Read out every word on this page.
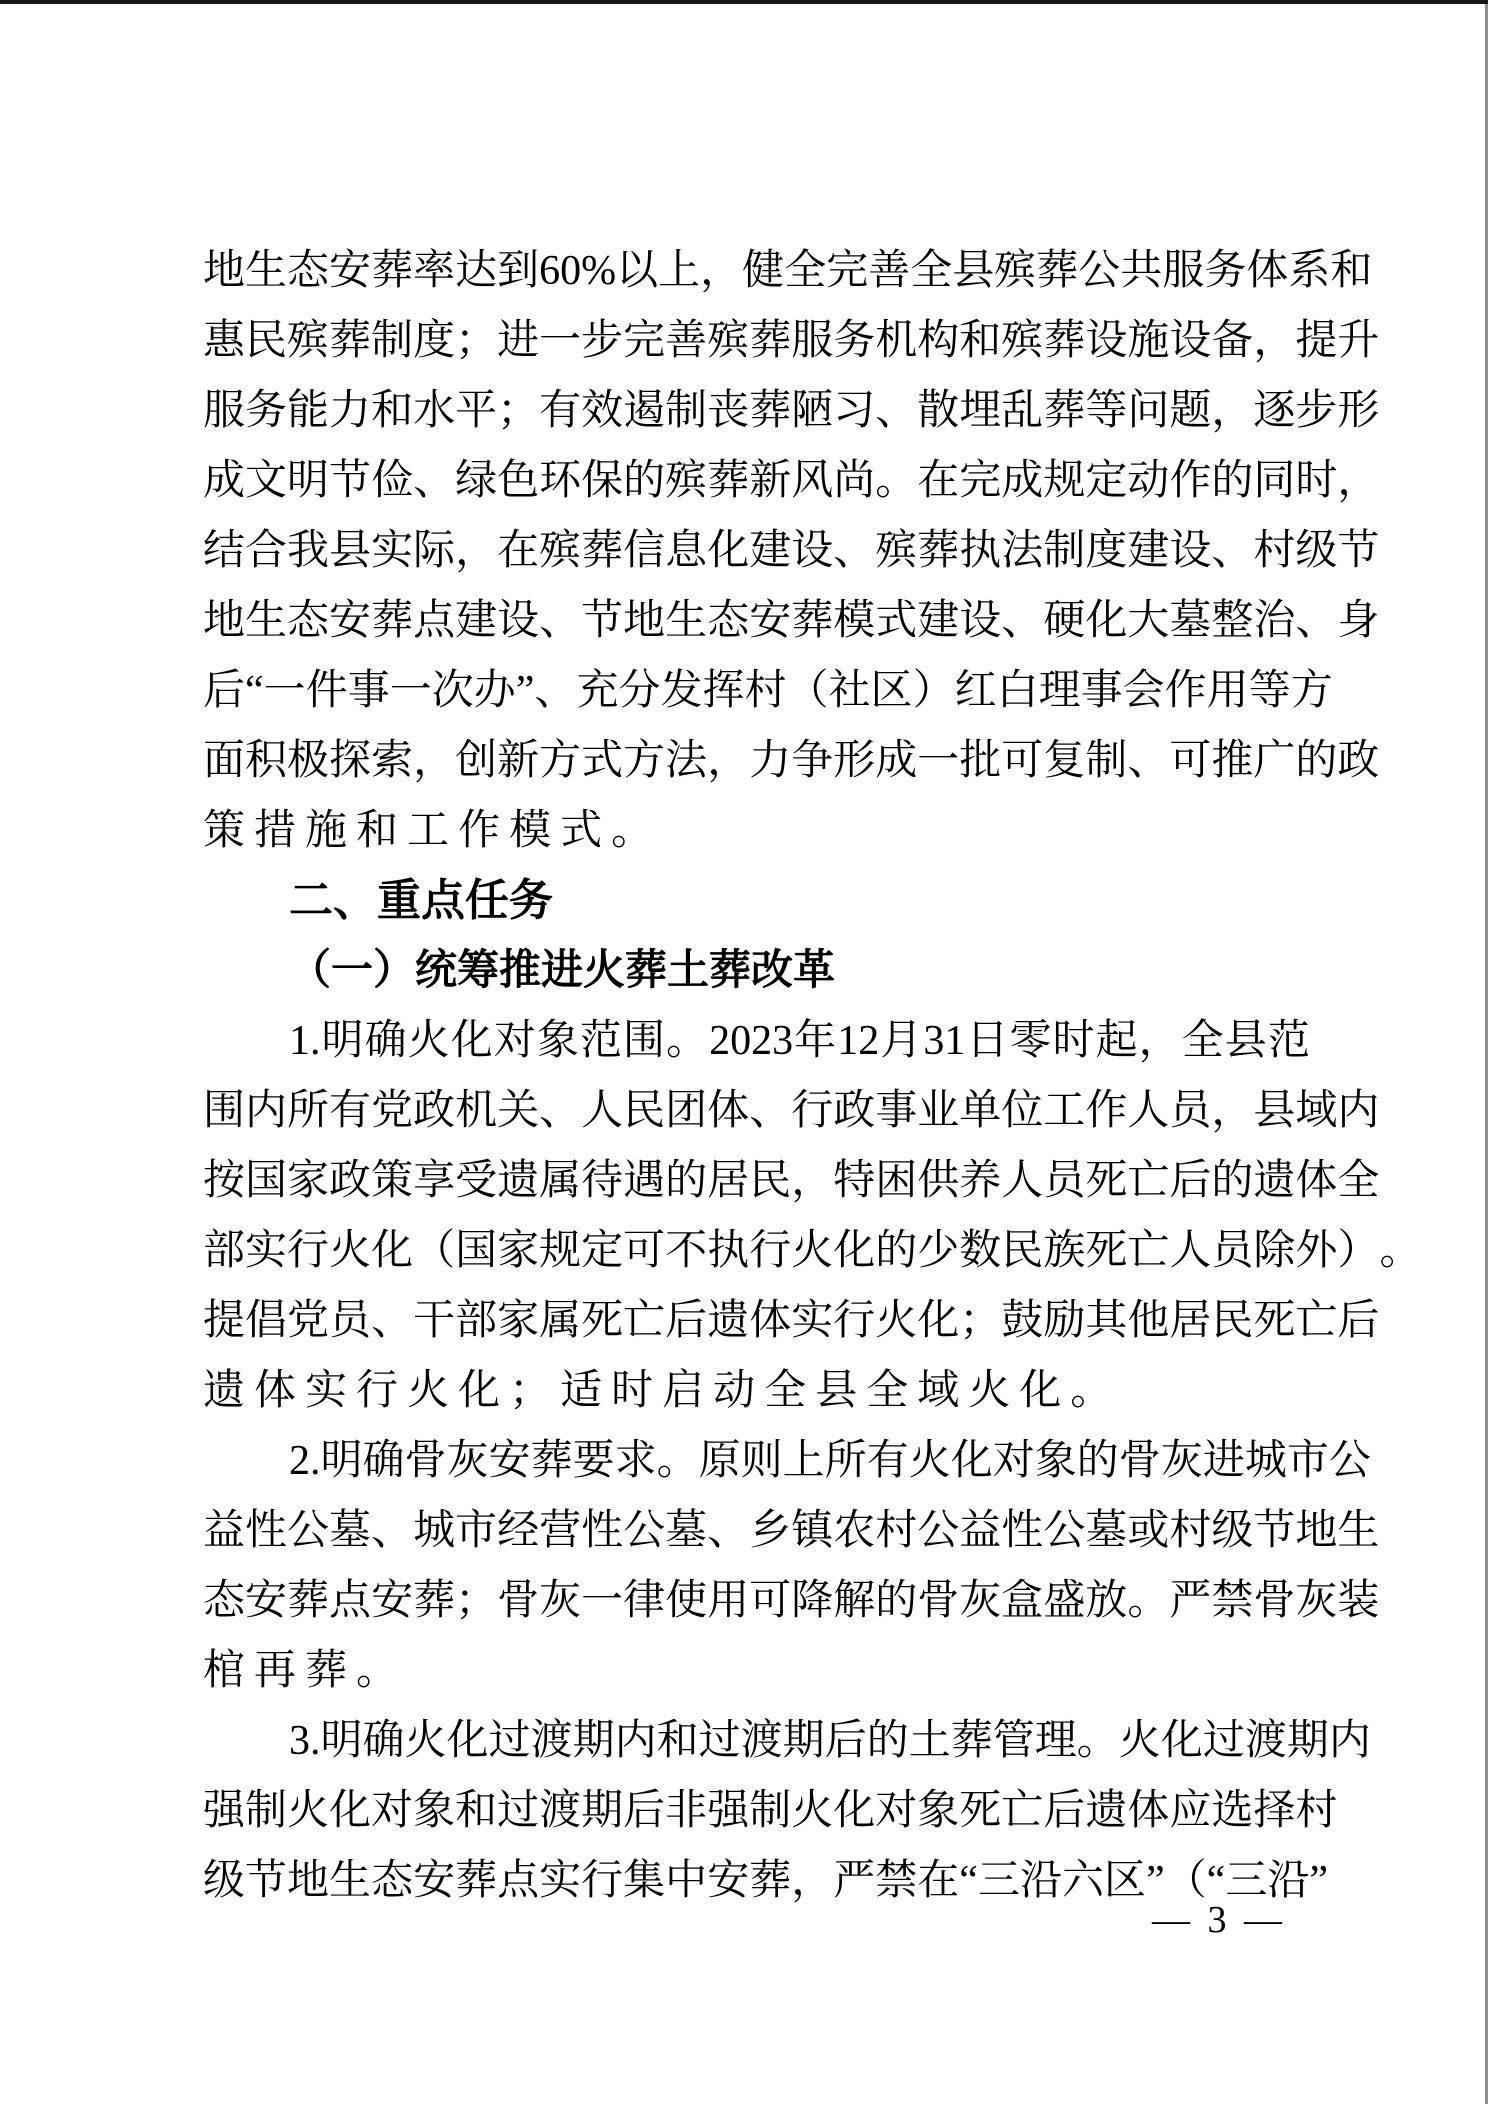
地 生 态 安 葬 率 达 到 60% 以 上 ， 健 全 完 善 全 县 殡 葬 公 共 服 务 体 系 和
惠 民 殡 葬 制 度 ； 进 一 步 完 善 殡 葬 服 务 机 构 和 殡 葬 设 施 设 备 ， 提 升
服 务 能 力 和 水 平 ； 有 效 遏 制 丧 葬 陋 习 、 散 埋 乱 葬 等 问 题 ， 逐 步 形
成 文 明 节 俭 、 绿 色 环 保 的 殡 葬 新 风 尚 。 在 完 成 规 定 动 作 的 同 时 ，
结 合 我 县 实 际 ， 在 殡 葬 信 息 化 建 设 、 殡 葬 执 法 制 度 建 设 、 村 级 节
地 生 态 安 葬 点 建 设 、 节 地 生 态 安 葬 模 式 建 设 、 硬 化 大 墓 整 治 、 身
后 “ 一 件 事 一 次 办 ” 、 充 分 发 挥 村 （ 社 区 ） 红 白 理 事 会 作 用 等 方
面 积 极 探 索 ， 创 新 方 式 方 法 ， 力 争 形 成 一 批 可 复 制 、 可 推 广 的 政
策 措 施 和 工 作 模 式 。
二、重点任务
（一）统筹推进火葬土葬改革
1. 明 确 火 化 对 象 范 围 。 2023 年 12 月 31 日 零 时 起 ， 全 县 范
围 内 所 有 党 政 机 关 、 人 民 团 体 、 行 政 事 业 单 位 工 作 人 员 ， 县 域 内
按 国 家 政 策 享 受 遗 属 待 遇 的 居 民 ， 特 困 供 养 人 员 死 亡 后 的 遗 体 全
部 实 行 火 化 （ 国 家 规 定 可 不 执 行 火 化 的 少 数 民 族 死 亡 人 员 除 外 ） 。
提 倡 党 员 、 干 部 家 属 死 亡 后 遗 体 实 行 火 化 ； 鼓 励 其 他 居 民 死 亡 后
遗 体 实 行 火 化 ； 适 时 启 动 全 县 全 域 火 化 。
2. 明 确 骨 灰 安 葬 要 求 。 原 则 上 所 有 火 化 对 象 的 骨 灰 进 城 市 公
益 性 公 墓 、 城 市 经 营 性 公 墓 、 乡 镇 农 村 公 益 性 公 墓 或 村 级 节 地 生
态 安 葬 点 安 葬 ； 骨 灰 一 律 使 用 可 降 解 的 骨 灰 盒 盛 放 。 严 禁 骨 灰 装
棺 再 葬 。
3. 明 确 火 化 过 渡 期 内 和 过 渡 期 后 的 土 葬 管 理 。 火 化 过 渡 期 内
强 制 火 化 对 象 和 过 渡 期 后 非 强 制 火 化 对 象 死 亡 后 遗 体 应 选 择 村
级 节 地 生 态 安 葬 点 实 行 集 中 安 葬 ， 严 禁 在 “ 三 沿 六 区 ” （ “ 三 沿 ”
— 3 —
